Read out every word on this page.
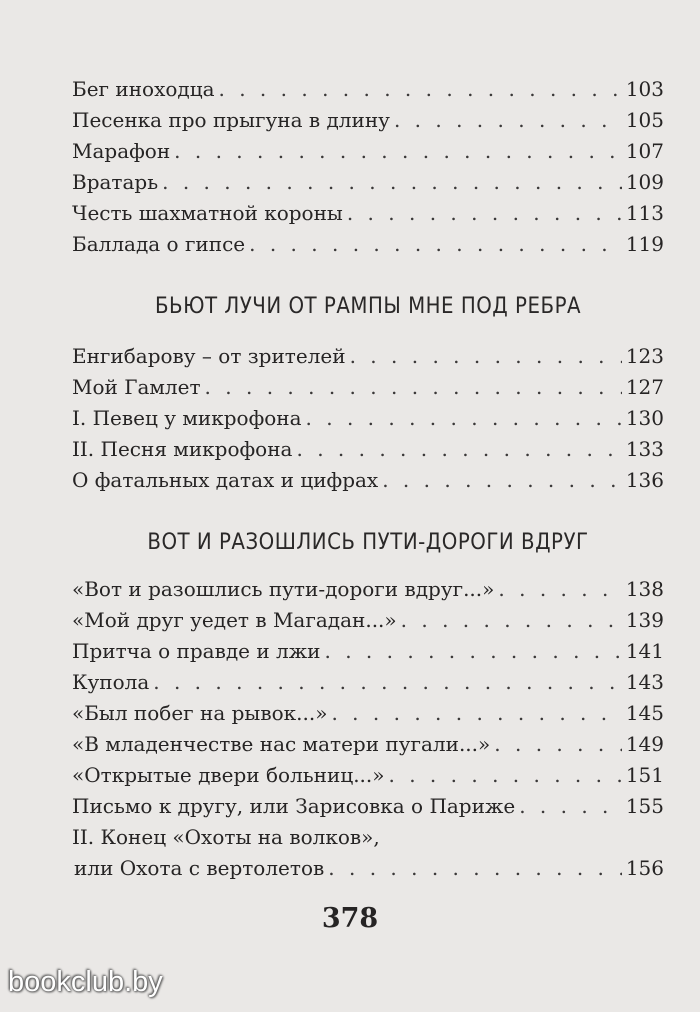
Бег иноходца . . .	103
Песенка про прыгуна в длину . . .	105
Марафон . . .	107
Вратарь . . .	109
Честь шахматной короны . . .	113
Баллада о гипсе . . .	119
БЬЮТ ЛУЧИ ОТ РАМПЫ МНЕ ПОД РЕБРА
Енгибарову – от зрителей . . .	123
Мой Гамлет . . .	127
I. Певец у микрофона . . .	130
II. Песня микрофона . . .	133
О фатальных датах и цифрах . . .	136
ВОТ И РАЗОШЛИСЬ ПУТИ-ДОРОГИ ВДРУГ
«Вот и разошлись пути-дороги вдруг...» . . .	138
«Мой друг уедет в Магадан...» . . .	139
Притча о правде и лжи . . .	141
Купола . . .	143
«Был побег на рывок...» . . .	145
«В младенчестве нас матери пугали...» . . .	149
«Открытые двери больниц...» . . .	151
Письмо к другу, или Зарисовка о Париже . . .	155
II. Конец «Охоты на волков»,
или Охота с вертолетов . . .	156
378
bookclub.by
